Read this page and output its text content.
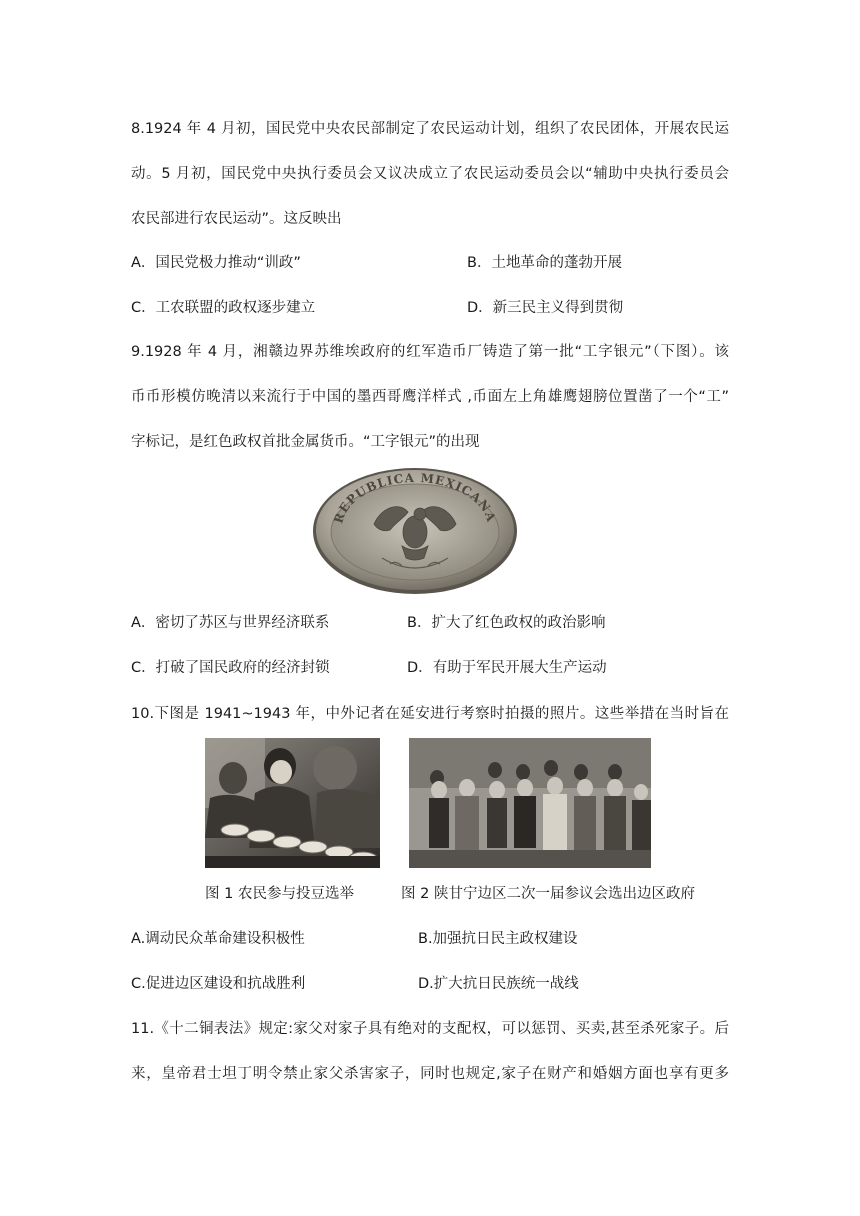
8.1924 年 4 月初，国民党中央农民部制定了农民运动计划，组织了农民团体，开展农民运
动。5 月初，国民党中央执行委员会又议决成立了农民运动委员会以“辅助中央执行委员会
农民部进行农民运动”。这反映出
A．国民党极力推动“训政”	B．土地革命的蓬勃开展
C．工农联盟的政权逐步建立	D．新三民主义得到贯彻
9.1928 年 4 月，湘赣边界苏维埃政府的红军造币厂铸造了第一批“工字银元”（下图）。该
币币形模仿晚清以来流行于中国的墨西哥鹰洋样式 ,币面左上角雄鹰翅膀位置凿了一个“工”
字标记，是红色政权首批金属货币。“工字银元”的出现
REPUBLICA MEXICANA
A．密切了苏区与世界经济联系	B．扩大了红色政权的政治影响
C．打破了国民政府的经济封锁	D．有助于军民开展大生产运动
10.下图是 1941~1943 年，中外记者在延安进行考察时拍摄的照片。这些举措在当时旨在
图 1 农民参与投豆选举	图 2 陕甘宁边区二次一届参议会选出边区政府
A.调动民众革命建设积极性	B.加强抗日民主政权建设
C.促进边区建设和抗战胜利	D.扩大抗日民族统一战线
11.《十二铜表法》规定:家父对家子具有绝对的支配权，可以惩罚、买卖,甚至杀死家子。后
来，皇帝君士坦丁明令禁止家父杀害家子，同时也规定,家子在财产和婚姻方面也享有更多
